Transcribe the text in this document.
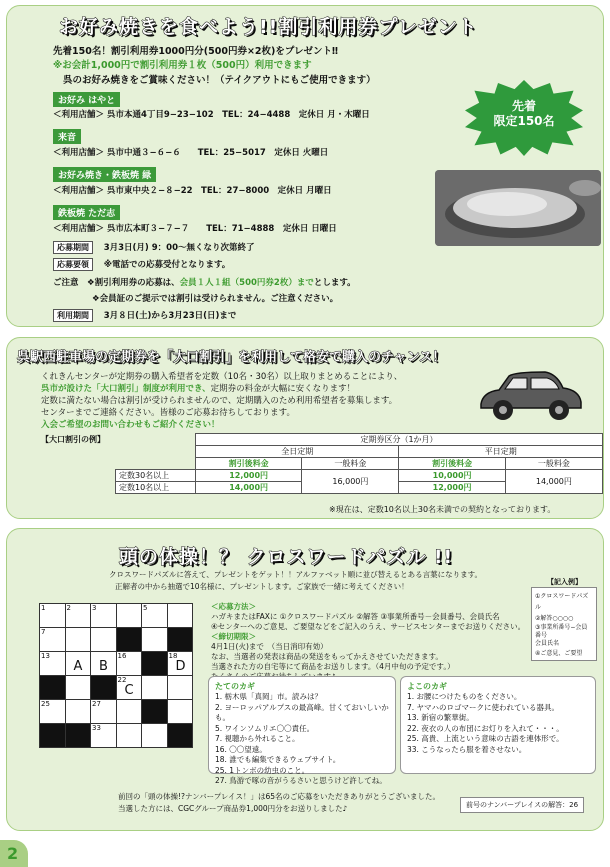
お好み焼きを食べよう!!割引利用券プレゼント
先着150名！割引利用券1000円分(500円券×2枚)をプレゼント‼
※お会計1,000円で割引利用券１枚（500円）利用できます
呉のお好み焼きをご賞味ください！（テイクアウトにもご使用できます）
お好み はやと
＜利用店舗＞ 呉市本通4丁目9−23−102　TEL：24−4488　定休日 月・木曜日
来音
＜利用店舗＞ 呉市中通３−６−６　　TEL：25−5017　定休日 火曜日
お好み焼き・鉄板焼 緑
＜利用店舗＞ 呉市東中央２−８−22　TEL：27−8000　定休日 月曜日
鉄板焼 ただ志
＜利用店舗＞ 呉市広本町３−７−７　　TEL：71−4888　定休日 日曜日
応募期間 3月3日(月) 9：00〜無くなり次第終了
応募要領 ※電話での応募受付となります。
ご注意　 ❖割引利用券の応募は、会員１人１組（500円券2枚）までとします。
❖会員証のご提示では割引は受けられません。ご注意ください。
利用期間 3月８日(土)から3月23日(日)まで
先着
限定150名
呉駅西駐車場の定期券を「大口割引」を利用して格安で購入のチャンス！
くれきんセンターが定期券の購入希望者を定数（10名・30名）以上取りまとめることにより、
呉市が設けた「大口割引」制度が利用でき、定期券の料金が大幅に安くなります！
定数に満たない場合は割引が受けられませんので、定期購入のため利用希望者を募集します。
センターまでご連絡ください。皆様のご応募お待ちしております。
入会ご希望のお問い合わせもご紹介ください！
【大口割引の例】
		定期券区分（1か月）			
	全日定期		平日定期	
	割引後料金	一般料金	割引後料金	一般料金
定数30名以上	12,000円	16,000円	10,000円	14,000円
定数10名以上	14,000円		12,000円	
※現在は、定数10名以上30名未満での契約となっております。
頭の体操！？ クロスワードパズル !!
クロスワードパズルに答えて、プレゼントをゲット！！アルファベット順に並び替えるとある言葉になります。
正解者の中から抽選で10名様に、プレゼントします。ご家族で一緒に考えてください！
＜応募方法＞
ハガキまたはFAXに ①クロスワードパズル ②解答 ③事業所番号－会員番号、会員氏名
④センターへのご意見、ご要望などをご記入のうえ、サービスセンターまでお送りください。
＜締切期限＞
4月1日(火)まで　（当日消印有効）
なお、当選者の発表は商品の発送をもってかえさせていただきます。
当選された方の自宅等にて商品をお送りします。（4月中旬の予定です。）
【記入例】
①クロスワードパズル
②解答○○○○
③事業所番号−会員番号
会員氏名
④ご意見、ご要望
1	2	3		5	

7					

13	A	B	16		18
D

			22
C		

25		27			

		33			

たてのカギ
1. 栃木県「真岡」市。読みは？
2. ヨーロッパアルプスの最高峰。甘くておいしいかも。
5. ワインソムリエ〇〇責任。
7. 視聴から外れること。
16. 〇〇望遠。
18. 誰でも編集できるウェブサイト。
25. 1トンボの幼虫のこと。
27. 鳥游で啄の音がうるさいと思うけど許してね。
よこのカギ
1. お腰につけたものをください。
7. ヤマハのロゴマークに使われている器具。
13. 新宿の繁華街。
22. 夜衣の人の布団にお灯りを入れて・・・。
25. 高貴、上流という意味の古語を連体形で。
33. こうなったら服を着させない。
前回の「頭の体操!?ナンバープレイス！」は65名のご応募をいただきありがとうございました。
当選した方には、CGCグループ商品券1,000円分をお送りしました♪	前号のナンバープレイスの解答：26
2
